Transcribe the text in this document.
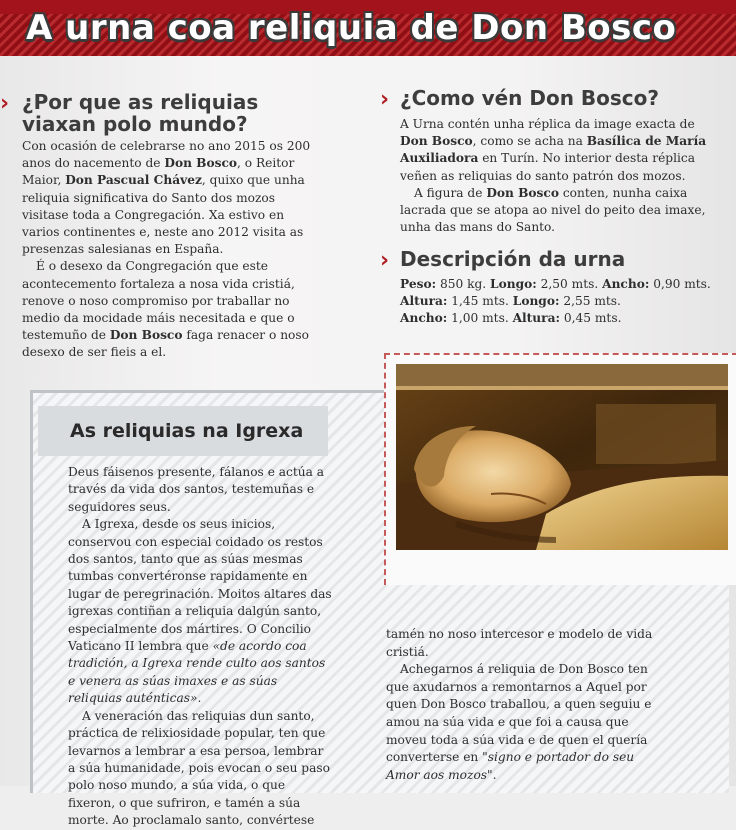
A urna coa reliquia de Don Bosco
› ¿Por que as reliquias
viaxan polo mundo?

Con ocasión de celebrarse no ano 2015 os 200 anos do nacemento de Don Bosco, o Reitor Maior, Don Pascual Chávez, quixo que unha reliquia significativa do Santo dos mozos visitase toda a Congregación. Xa estivo en varios continentes e, neste ano 2012 visita as presenzas salesianas en España.

É o desexo da Congregación que este acontecemento fortaleza a nosa vida cristiá, renove o noso compromiso por traballar no medio da mocidade máis necesitada e que o testemuño de Don Bosco faga renacer o noso desexo de ser fieis a el.

› ¿Como vén Don Bosco?

A Urna contén unha réplica da image exacta de Don Bosco, como se acha na Basílica de María Auxiliadora en Turín. No interior desta réplica veñen as reliquias do santo patrón dos mozos.

A figura de Don Bosco conten, nunha caixa lacrada que se atopa ao nivel do peito dea imaxe, unha das mans do Santo.

› Descripción da urna

Peso: 850 kg. Longo: 2,50 mts. Ancho: 0,90 mts.

Altura: 1,45 mts. Longo: 2,55 mts.

Ancho: 1,00 mts. Altura: 0,45 mts.

As reliquias na Igrexa

Deus fáisenos presente, fálanos e actúa a través da vida dos santos, testemuñas e seguidores seus.

A Igrexa, desde os seus inicios, conservou con especial coidado os restos dos santos, tanto que as súas mesmas tumbas convertéronse rapidamente en lugar de peregrinación. Moitos altares das igrexas contiñan a reliquia dalgún santo, especialmente dos mártires. O Concilio Vaticano II lembra que «de acordo coa tradición, a Igrexa rende culto aos santos e venera as súas imaxes e as súas reliquias auténticas».

A veneración das reliquias dun santo, práctica de relixiosidade popular, ten que levarnos a lembrar a esa persoa, lembrar a súa humanidade, pois evocan o seu paso polo noso mundo, a súa vida, o que fixeron, o que sufriron, e tamén a súa morte. Ao proclamalo santo, convértese

tamén no noso intercesor e modelo de vida cristiá.

Achegarnos á reliquia de Don Bosco ten que axudarnos a remontarnos a Aquel por quen Don Bosco traballou, a quen seguiu e amou na súa vida e que foi a causa que moveu toda a súa vida e de quen el quería converterse en "signo e portador do seu Amor aos mozos".
